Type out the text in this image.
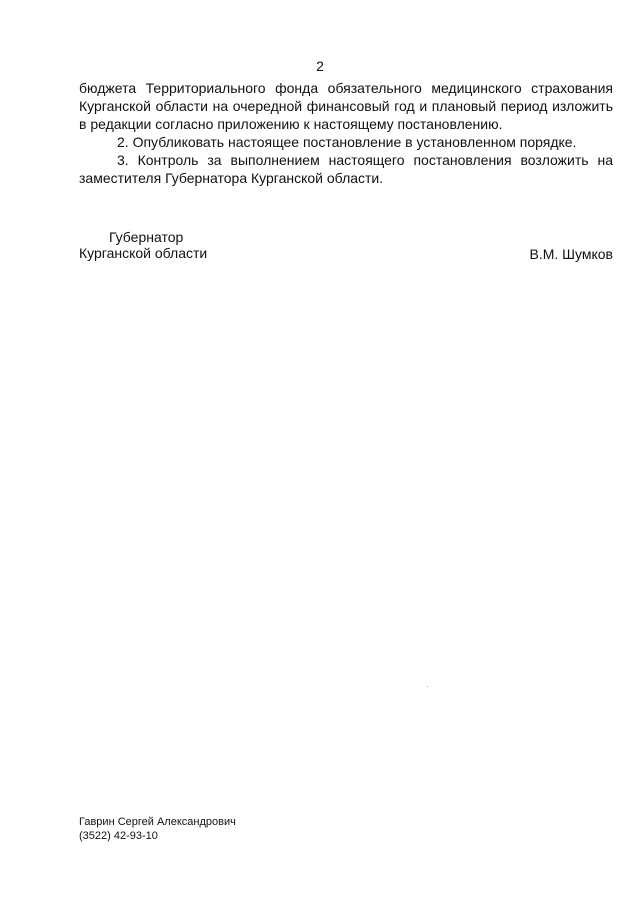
2

бюджета Территориального фонда обязательного медицинского страхования Курганской области на очередной финансовый год и плановый период изложить в редакции согласно приложению к настоящему постановлению.

2. Опубликовать настоящее постановление в установленном порядке.

3. Контроль за выполнением настоящего постановления возложить на заместителя Губернатора Курганской области.

Губернатор
Курганской области	В.М. Шумков
Гаврин Сергей Александрович
(3522) 42-93-10
